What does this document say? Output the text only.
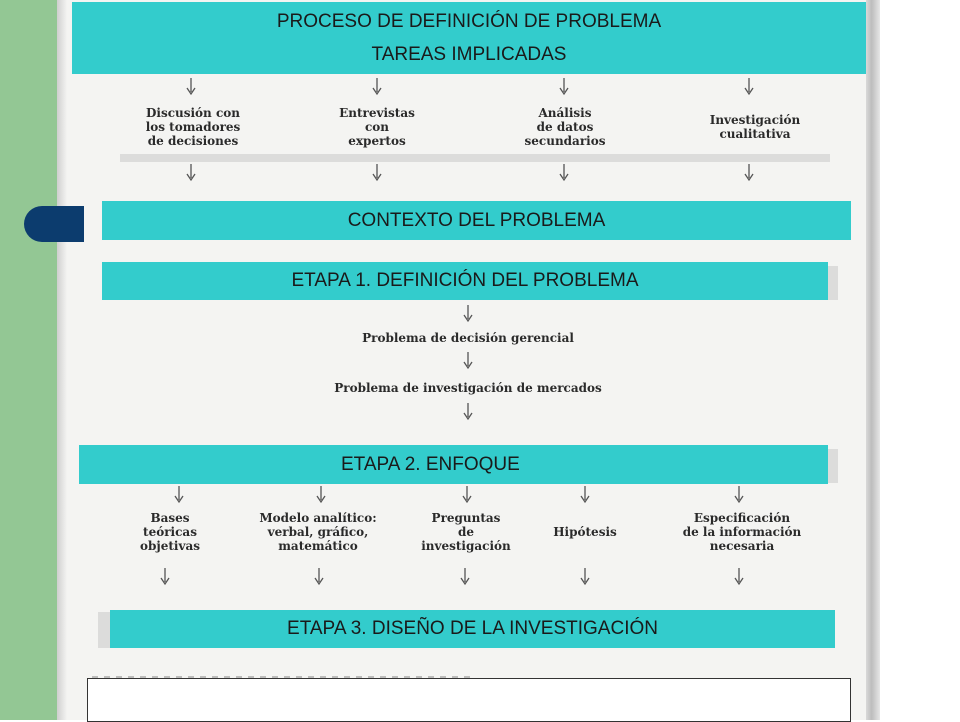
PROCESO DE DEFINICIÓN DE PROBLEMA
TAREAS IMPLICADAS
Discusión con
los tomadores
de decisiones
Entrevistas
con
expertos
Análisis
de datos
secundarios
Investigación
cualitativa
CONTEXTO DEL PROBLEMA
ETAPA 1. DEFINICIÓN DEL PROBLEMA
Problema de decisión gerencial
Problema de investigación de mercados
ETAPA 2. ENFOQUE
Bases
teóricas
objetivas
Modelo analítico:
verbal, gráfico,
matemático
Preguntas
de
investigación
Hipótesis
Especificación
de la información
necesaria
ETAPA 3. DISEÑO DE LA INVESTIGACIÓN
